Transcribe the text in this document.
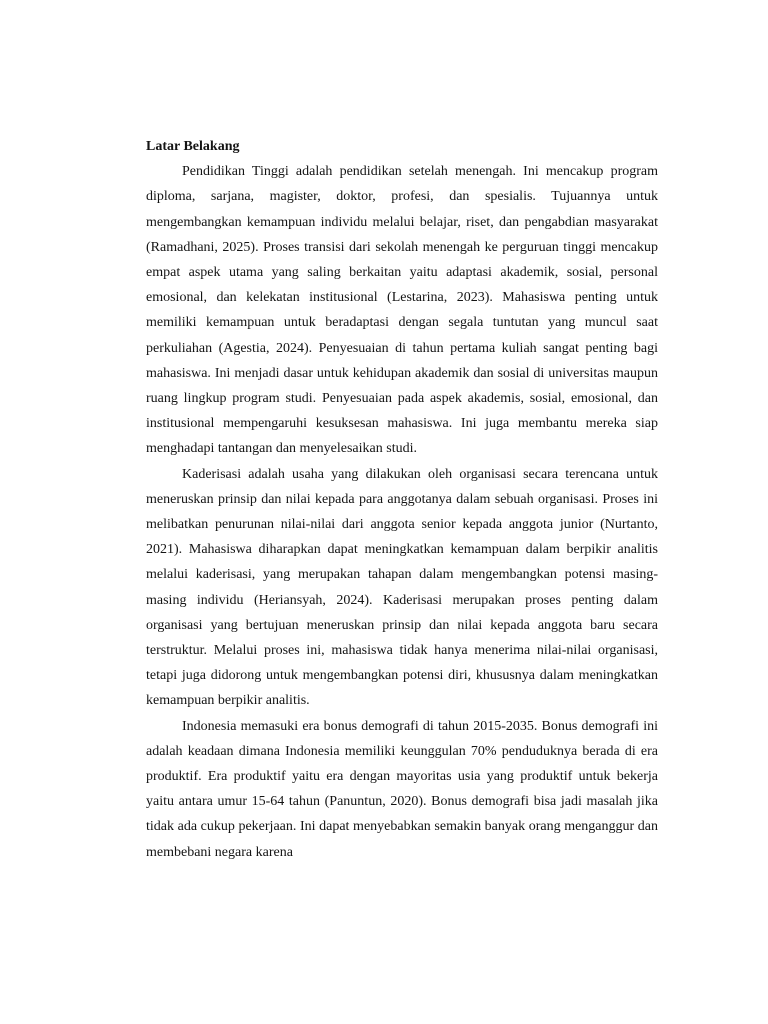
Latar Belakang

Pendidikan Tinggi adalah pendidikan setelah menengah. Ini mencakup program diploma, sarjana, magister, doktor, profesi, dan spesialis. Tujuannya untuk mengembangkan kemampuan individu melalui belajar, riset, dan pengabdian masyarakat (Ramadhani, 2025). Proses transisi dari sekolah menengah ke perguruan tinggi mencakup empat aspek utama yang saling berkaitan yaitu adaptasi akademik, sosial, personal emosional, dan kelekatan institusional (Lestarina, 2023). Mahasiswa penting untuk memiliki kemampuan untuk beradaptasi dengan segala tuntutan yang muncul saat perkuliahan (Agestia, 2024). Penyesuaian di tahun pertama kuliah sangat penting bagi mahasiswa. Ini menjadi dasar untuk kehidupan akademik dan sosial di universitas maupun ruang lingkup program studi. Penyesuaian pada aspek akademis, sosial, emosional, dan institusional mempengaruhi kesuksesan mahasiswa. Ini juga membantu mereka siap menghadapi tantangan dan menyelesaikan studi.

Kaderisasi adalah usaha yang dilakukan oleh organisasi secara terencana untuk meneruskan prinsip dan nilai kepada para anggotanya dalam sebuah organisasi. Proses ini melibatkan penurunan nilai-nilai dari anggota senior kepada anggota junior (Nurtanto, 2021). Mahasiswa diharapkan dapat meningkatkan kemampuan dalam berpikir analitis melalui kaderisasi, yang merupakan tahapan dalam mengembangkan potensi masing-masing individu (Heriansyah, 2024). Kaderisasi merupakan proses penting dalam organisasi yang bertujuan meneruskan prinsip dan nilai kepada anggota baru secara terstruktur. Melalui proses ini, mahasiswa tidak hanya menerima nilai-nilai organisasi, tetapi juga didorong untuk mengembangkan potensi diri, khususnya dalam meningkatkan kemampuan berpikir analitis.

Indonesia memasuki era bonus demografi di tahun 2015-2035. Bonus demografi ini adalah keadaan dimana Indonesia memiliki keunggulan 70% penduduknya berada di era produktif. Era produktif yaitu era dengan mayoritas usia yang produktif untuk bekerja yaitu antara umur 15-64 tahun (Panuntun, 2020). Bonus demografi bisa jadi masalah jika tidak ada cukup pekerjaan. Ini dapat menyebabkan semakin banyak orang menganggur dan membebani negara karena
